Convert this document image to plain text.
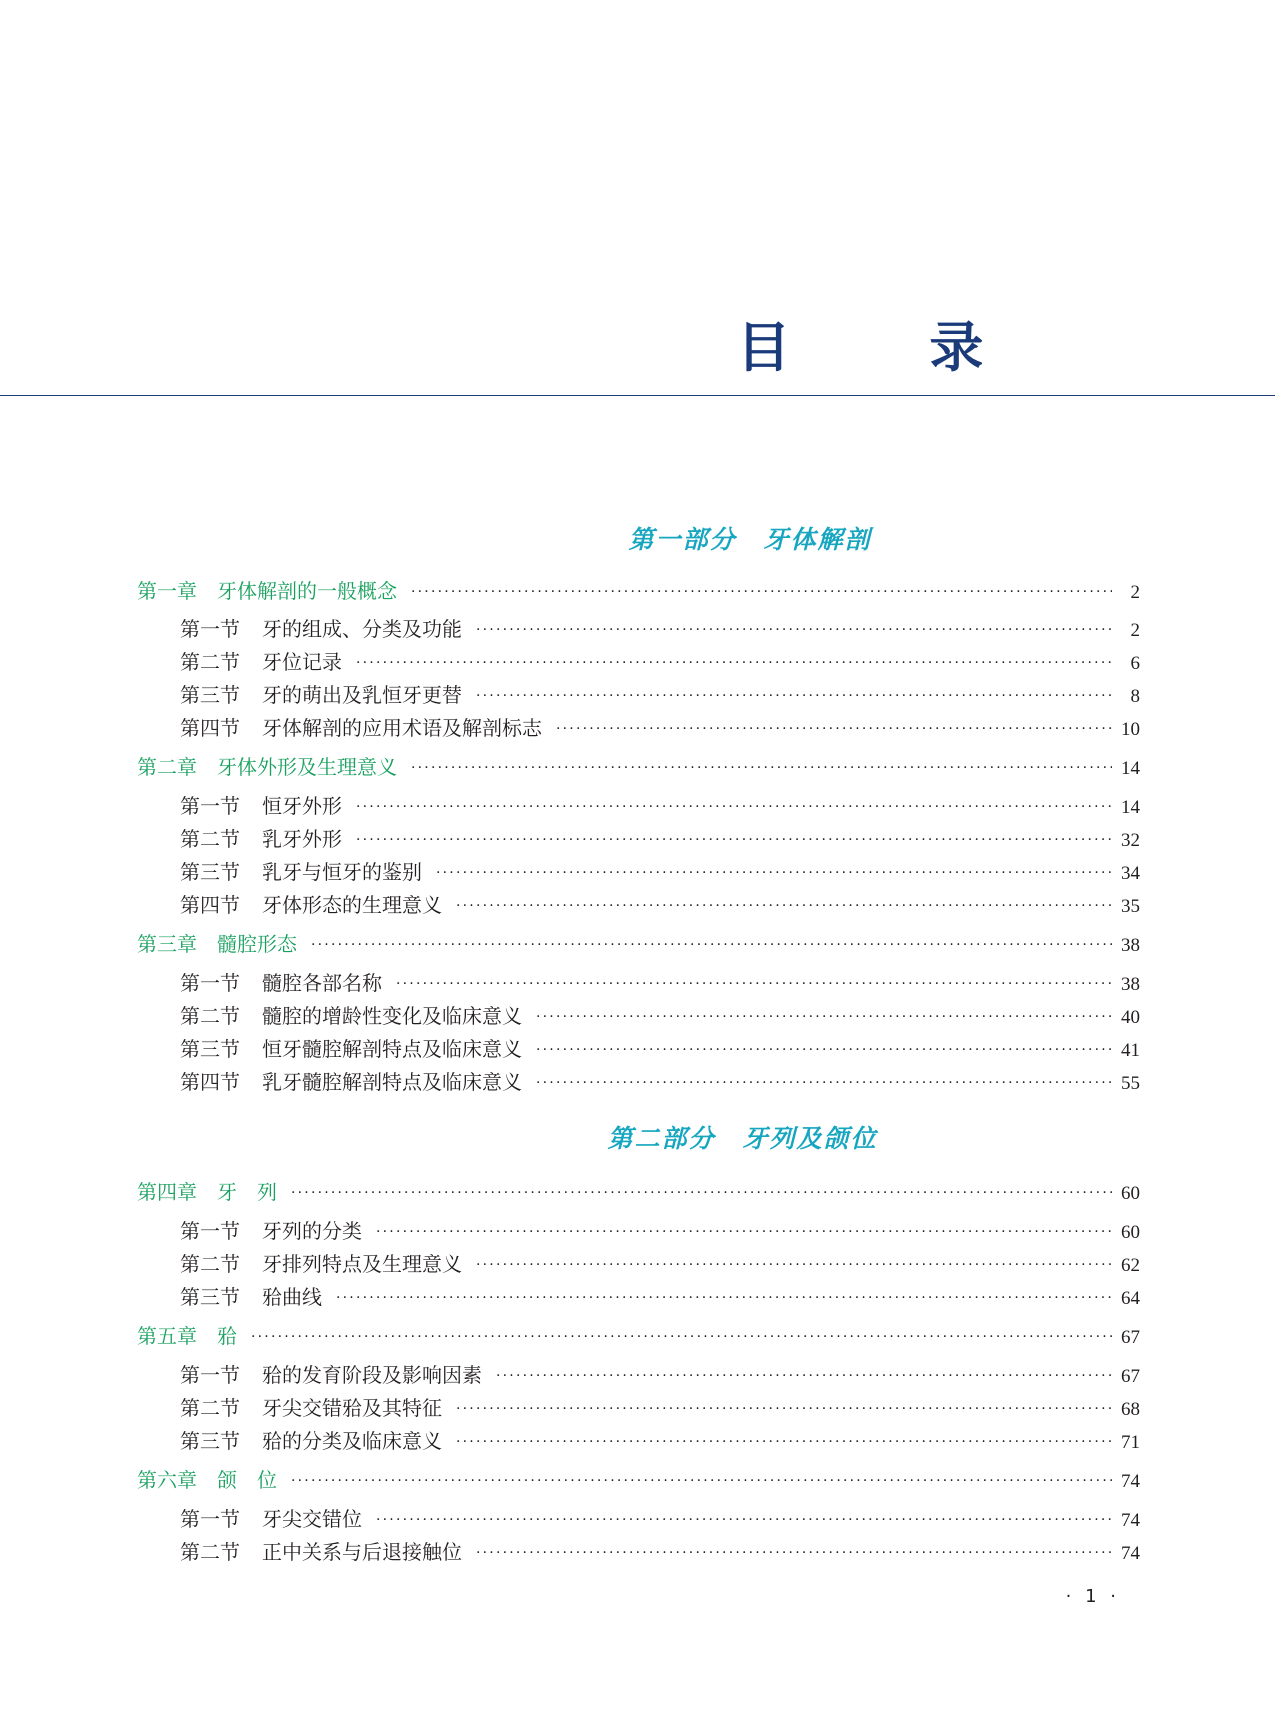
目 录
第一部分　牙体解剖
第一章 牙体解剖的一般概念 ·····	2
第一节 牙的组成、分类及功能 ·····	2
第二节 牙位记录 ·····	6
第三节 牙的萌出及乳恒牙更替 ·····	8
第四节 牙体解剖的应用术语及解剖标志 ·····	10
第二章 牙体外形及生理意义 ·····	14
第一节 恒牙外形 ·····	14
第二节 乳牙外形 ·····	32
第三节 乳牙与恒牙的鉴别 ·····	34
第四节 牙体形态的生理意义 ·····	35
第三章 髓腔形态 ·····	38
第一节 髓腔各部名称 ·····	38
第二节 髓腔的增龄性变化及临床意义 ·····	40
第三节 恒牙髓腔解剖特点及临床意义 ·····	41
第四节 乳牙髓腔解剖特点及临床意义 ·····	55
第二部分　牙列及颌位
第四章 牙　列 ·····	60
第一节 牙列的分类 ·····	60
第二节 牙排列特点及生理意义 ·····	62
第三节 𬌗曲线 ·····	64
第五章 𬌗 ·····	67
第一节 𬌗的发育阶段及影响因素 ·····	67
第二节 牙尖交错𬌗及其特征 ·····	68
第三节 𬌗的分类及临床意义 ·····	71
第六章 颌　位 ·····	74
第一节 牙尖交错位 ·····	74
第二节 正中关系与后退接触位 ·····	74
· 1 ·
